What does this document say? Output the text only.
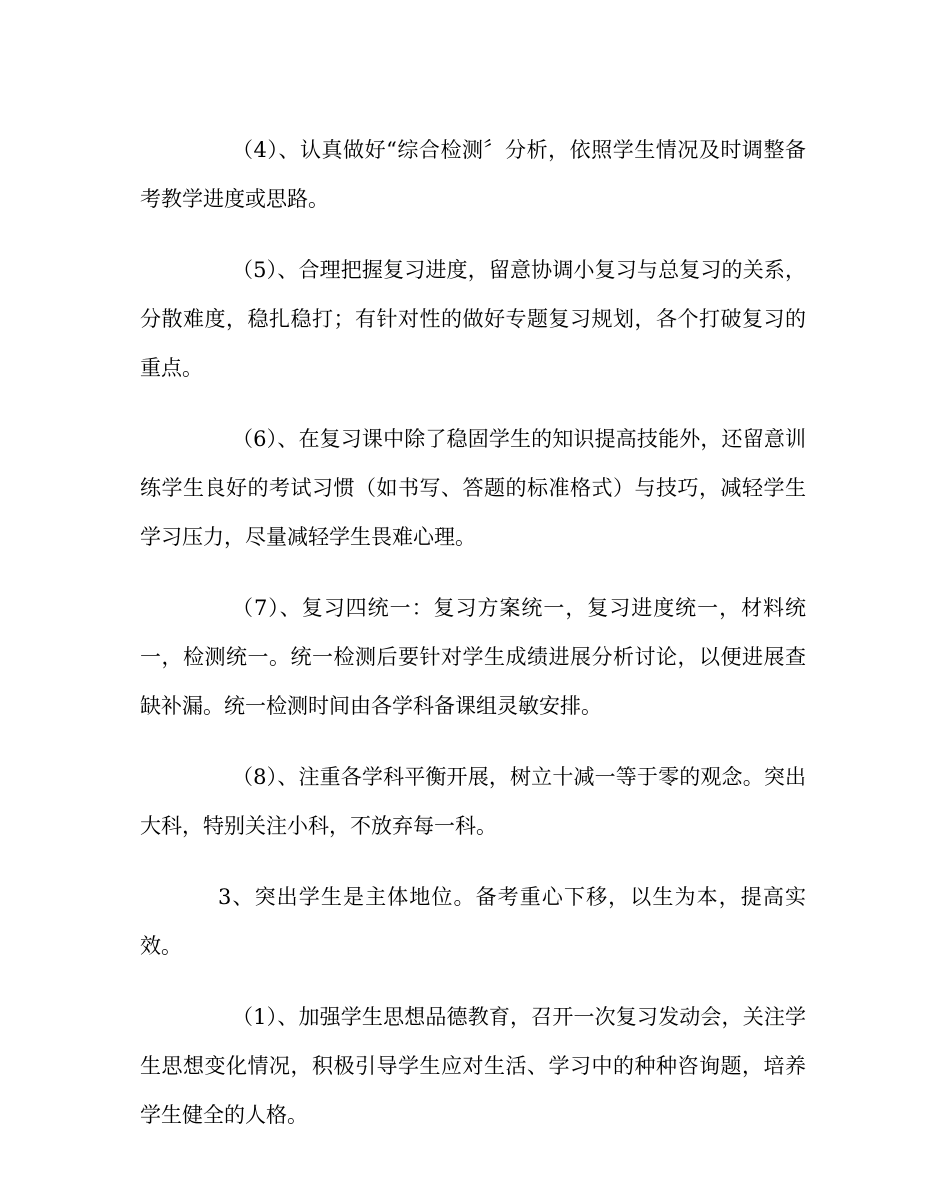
（4）、认真做好“综合检测〞分析，依照学生情况及时调整备考教学进度或思路。

（5）、合理把握复习进度，留意协调小复习与总复习的关系，分散难度，稳扎稳打；有针对性的做好专题复习规划，各个打破复习的重点。

（6）、在复习课中除了稳固学生的知识提高技能外，还留意训练学生良好的考试习惯（如书写、答题的标准格式）与技巧，减轻学生学习压力，尽量减轻学生畏难心理。

（7）、复习四统一：复习方案统一，复习进度统一，材料统一，检测统一。统一检测后要针对学生成绩进展分析讨论，以便进展查缺补漏。统一检测时间由各学科备课组灵敏安排。

（8）、注重各学科平衡开展，树立十减一等于零的观念。突出大科，特别关注小科，不放弃每一科。

3、突出学生是主体地位。备考重心下移，以生为本，提高实效。

（1）、加强学生思想品德教育，召开一次复习发动会，关注学生思想变化情况，积极引导学生应对生活、学习中的种种咨询题，培养学生健全的人格。
